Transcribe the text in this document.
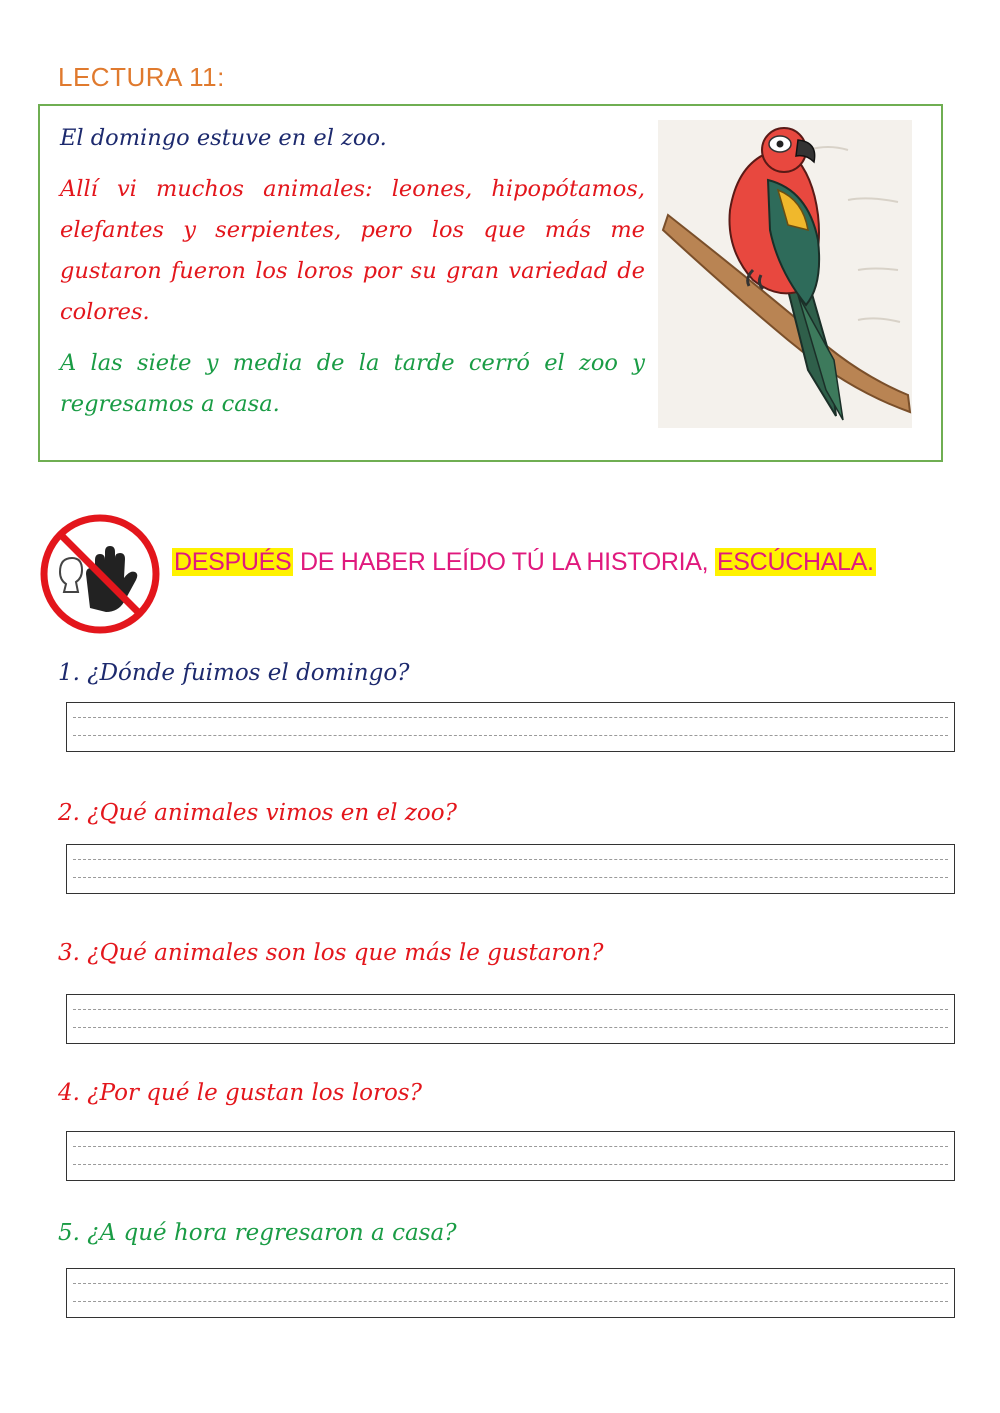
LECTURA 11:

El domingo estuve en el zoo.

Allí vi muchos animales: leones, hipopótamos, elefantes y serpientes, pero los que más me gustaron fueron los loros por su gran variedad de colores.

A las siete y media de la tarde cerró el zoo y regresamos a casa.

DESPUÉS DE HABER LEÍDO TÚ LA HISTORIA, ESCÚCHALA.
1. ¿Dónde fuimos el domingo?
2. ¿Qué animales vimos en el zoo?
3. ¿Qué animales son los que más le gustaron?
4. ¿Por qué le gustan los loros?
5. ¿A qué hora regresaron a casa?
